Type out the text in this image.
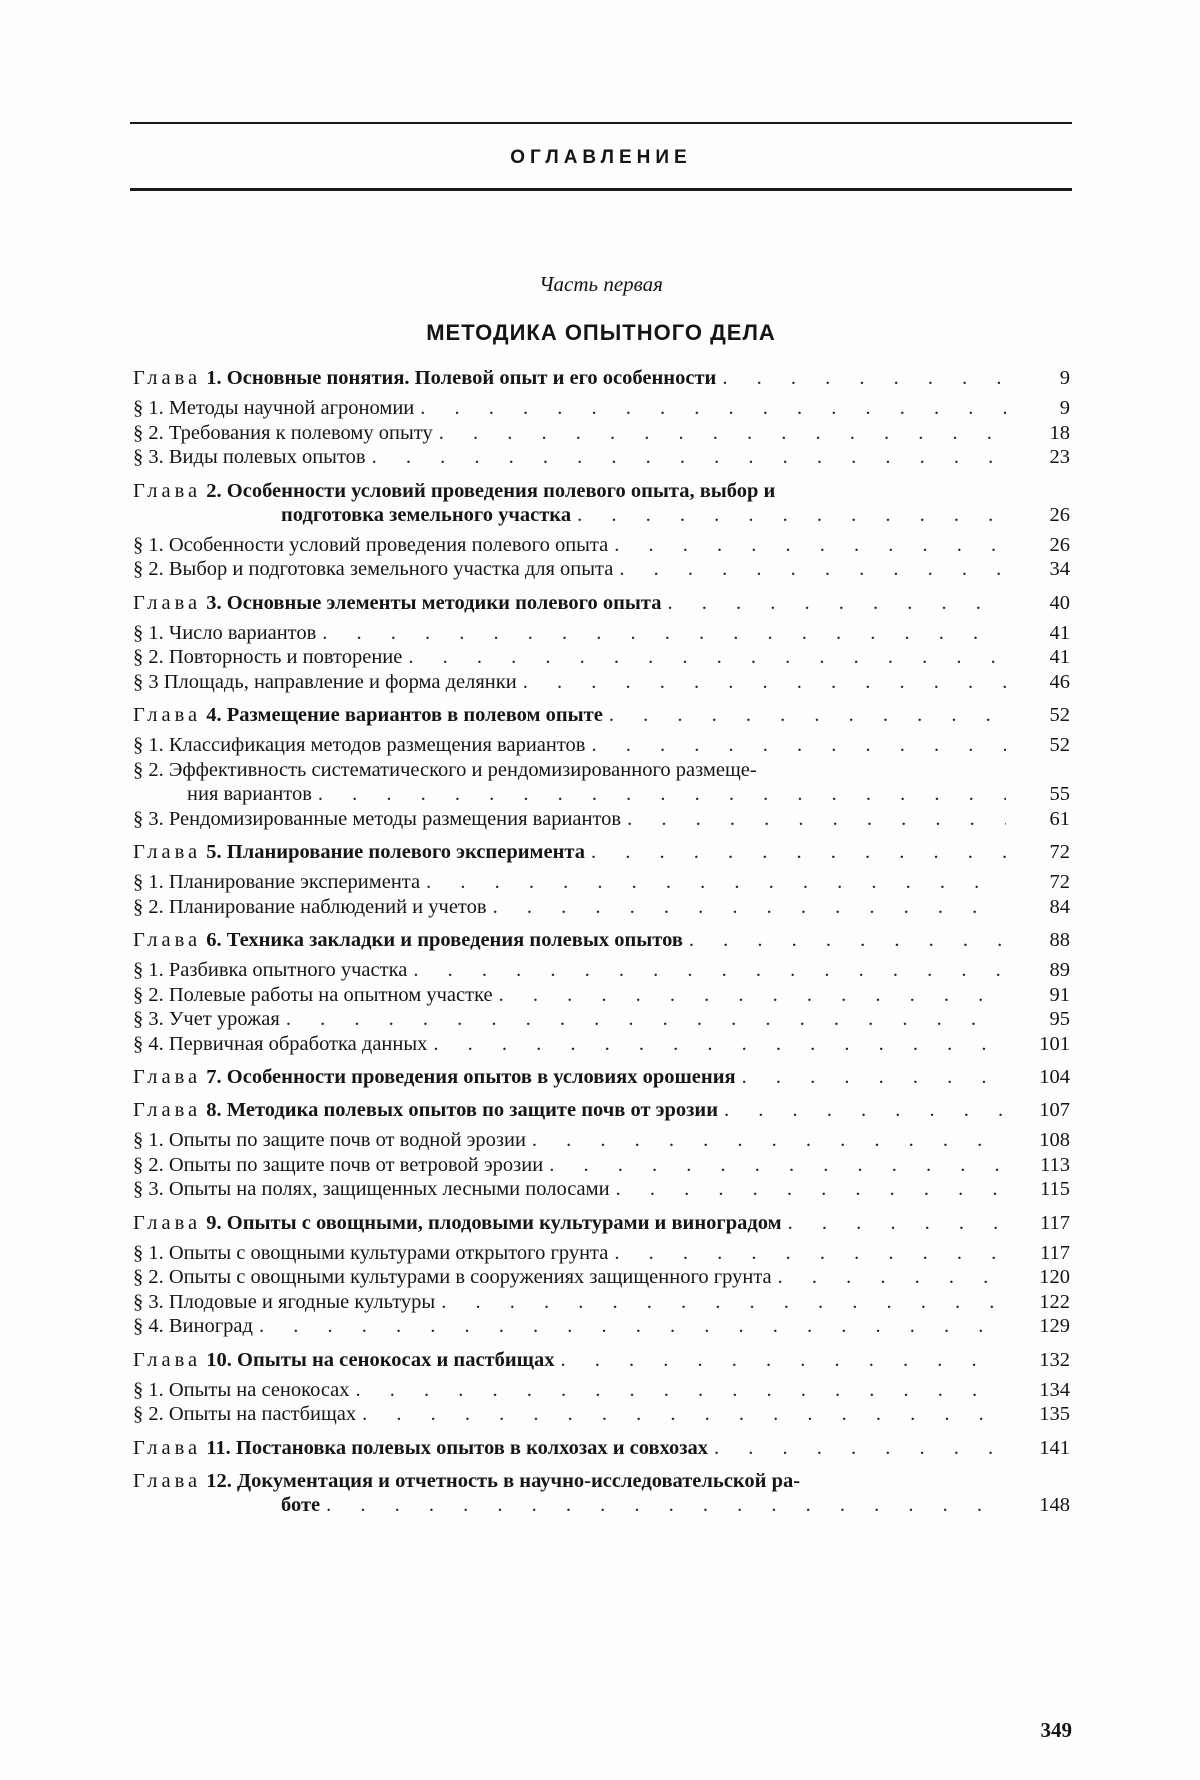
ОГЛАВЛЕНИЕ
Часть первая
МЕТОДИКА ОПЫТНОГО ДЕЛА
Глава 1. Основные понятия. Полевой опыт и его особенности . . .	9
§ 1. Методы научной агрономии . . .	9
§ 2. Требования к полевому опыту . . .	18
§ 3. Виды полевых опытов . . .	23
Глава 2. Особенности условий проведения полевого опыта, выбор и
подготовка земельного участка . . .	26
§ 1. Особенности условий проведения полевого опыта . . .	26
§ 2. Выбор и подготовка земельного участка для опыта . . .	34
Глава 3. Основные элементы методики полевого опыта . . .	40
§ 1. Число вариантов . . .	41
§ 2. Повторность и повторение . . .	41
§ 3 Площадь, направление и форма делянки . . .	46
Глава 4. Размещение вариантов в полевом опыте . . .	52
§ 1. Классификация методов размещения вариантов . . .	52
§ 2. Эффективность систематического и рендомизированного размеще-
ния вариантов . . .	55
§ 3. Рендомизированные методы размещения вариантов . . .	61
Глава 5. Планирование полевого эксперимента . . .	72
§ 1. Планирование эксперимента . . .	72
§ 2. Планирование наблюдений и учетов . . .	84
Глава 6. Техника закладки и проведения полевых опытов . . .	88
§ 1. Разбивка опытного участка . . .	89
§ 2. Полевые работы на опытном участке . . .	91
§ 3. Учет урожая . . .	95
§ 4. Первичная обработка данных . . .	101
Глава 7. Особенности проведения опытов в условиях орошения . . .	104
Глава 8. Методика полевых опытов по защите почв от эрозии . . .	107
§ 1. Опыты по защите почв от водной эрозии . . .	108
§ 2. Опыты по защите почв от ветровой эрозии . . .	113
§ 3. Опыты на полях, защищенных лесными полосами . . .	115
Глава 9. Опыты с овощными, плодовыми культурами и виноградом . . .	117
§ 1. Опыты с овощными культурами открытого грунта . . .	117
§ 2. Опыты с овощными культурами в сооружениях защищенного грунта . . .	120
§ 3. Плодовые и ягодные культуры . . .	122
§ 4. Виноград . . .	129
Глава 10. Опыты на сенокосах и пастбищах . . .	132
§ 1. Опыты на сенокосах . . .	134
§ 2. Опыты на пастбищах . . .	135
Глава 11. Постановка полевых опытов в колхозах и совхозах . . .	141
Глава 12. Документация и отчетность в научно-исследовательской ра-
боте . . .	148
349
